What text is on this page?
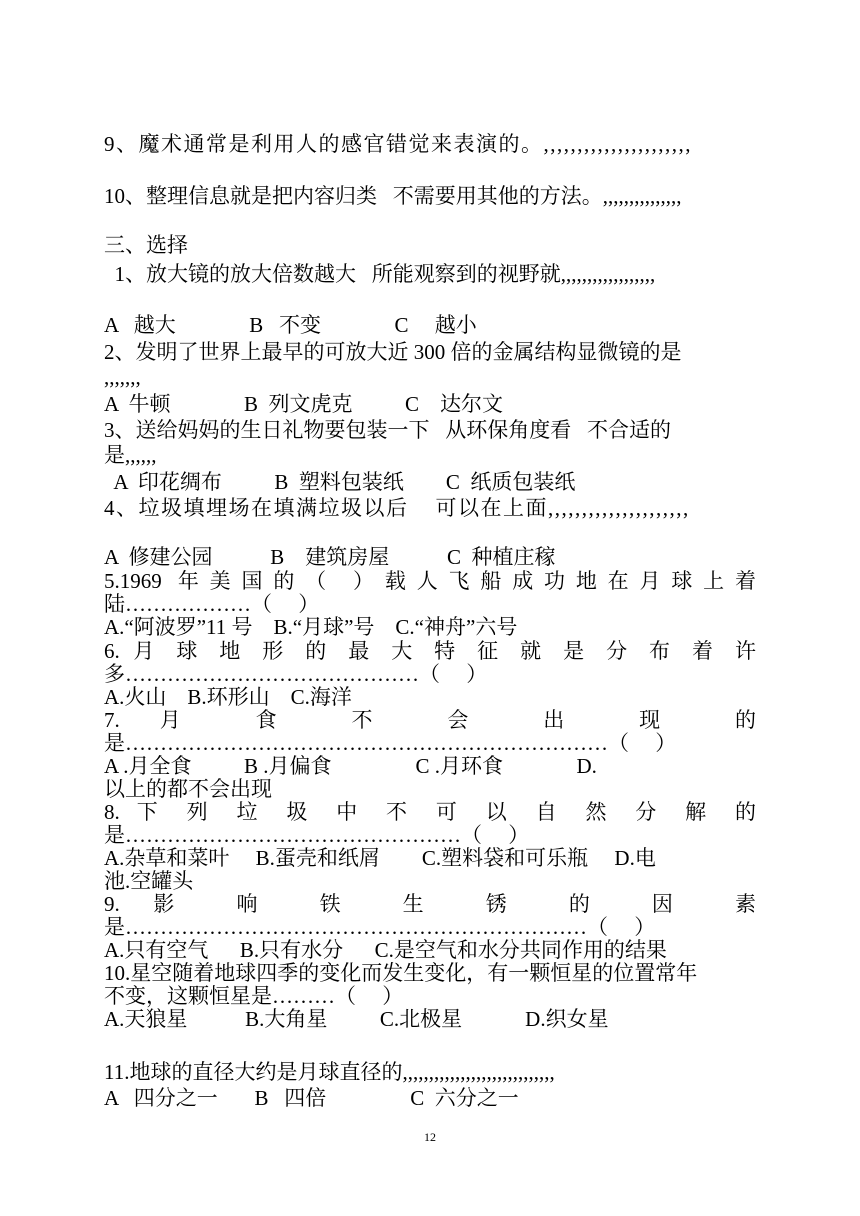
9、魔术通常是利用人的感官错觉来表演的。,,,,,,,,,,,,,,,,,,,,,,
10、整理信息就是把内容归类   不需要用其他的方法。,,,,,,,,,,,,,,,
三、选择
1、放大镜的放大倍数越大   所能观察到的视野就,,,,,,,,,,,,,,,,,,
A   越大              B   不变              C     越小
2、发明了世界上最早的可放大近 300 倍的金属结构显微镜的是
,,,,,,,
A  牛顿              B  列文虎克          C    达尔文
3、送给妈妈的生日礼物要包装一下   从环保角度看   不合适的
是,,,,,,
A  印花绸布          B  塑料包装纸        C  纸质包装纸
4、垃圾填埋场在填满垃圾以后    可以在上面,,,,,,,,,,,,,,,,,,,,,
A  修建公园           B    建筑房屋           C  种植庄稼
5.1969 年美国的（ ）载人飞船成功地在月球上着
陆………………（     ）
A.“阿波罗”11 号    B.“月球”号    C.“神舟”六号
6. 月 球 地 形 的 最 大 特 征 就 是 分 布 着 许
多……………………………………（     ）
A.火山    B.环形山    C.海洋
7. 月 食 不 会 出 现 的
是……………………………………………………………（     ）
A .月全食          B .月偏食                C .月环食              D.
以上的都不会出现
8. 下 列 垃 圾 中 不 可 以 自 然 分 解 的
是…………………………………………（     ）
A.杂草和菜叶     B.蛋壳和纸屑        C.塑料袋和可乐瓶     D.电
池.空罐头
9. 影 响 铁 生 锈 的 因 素
是…………………………………………………………（     ）
A.只有空气      B.只有水分      C.是空气和水分共同作用的结果
10.星空随着地球四季的变化而发生变化，有一颗恒星的位置常年
不变，这颗恒星是………（     ）
A.天狼星           B.大角星          C.北极星            D.织女星
11.地球的直径大约是月球直径的,,,,,,,,,,,,,,,,,,,,,,,,,,,,,
A   四分之一       B   四倍                C  六分之一
12
